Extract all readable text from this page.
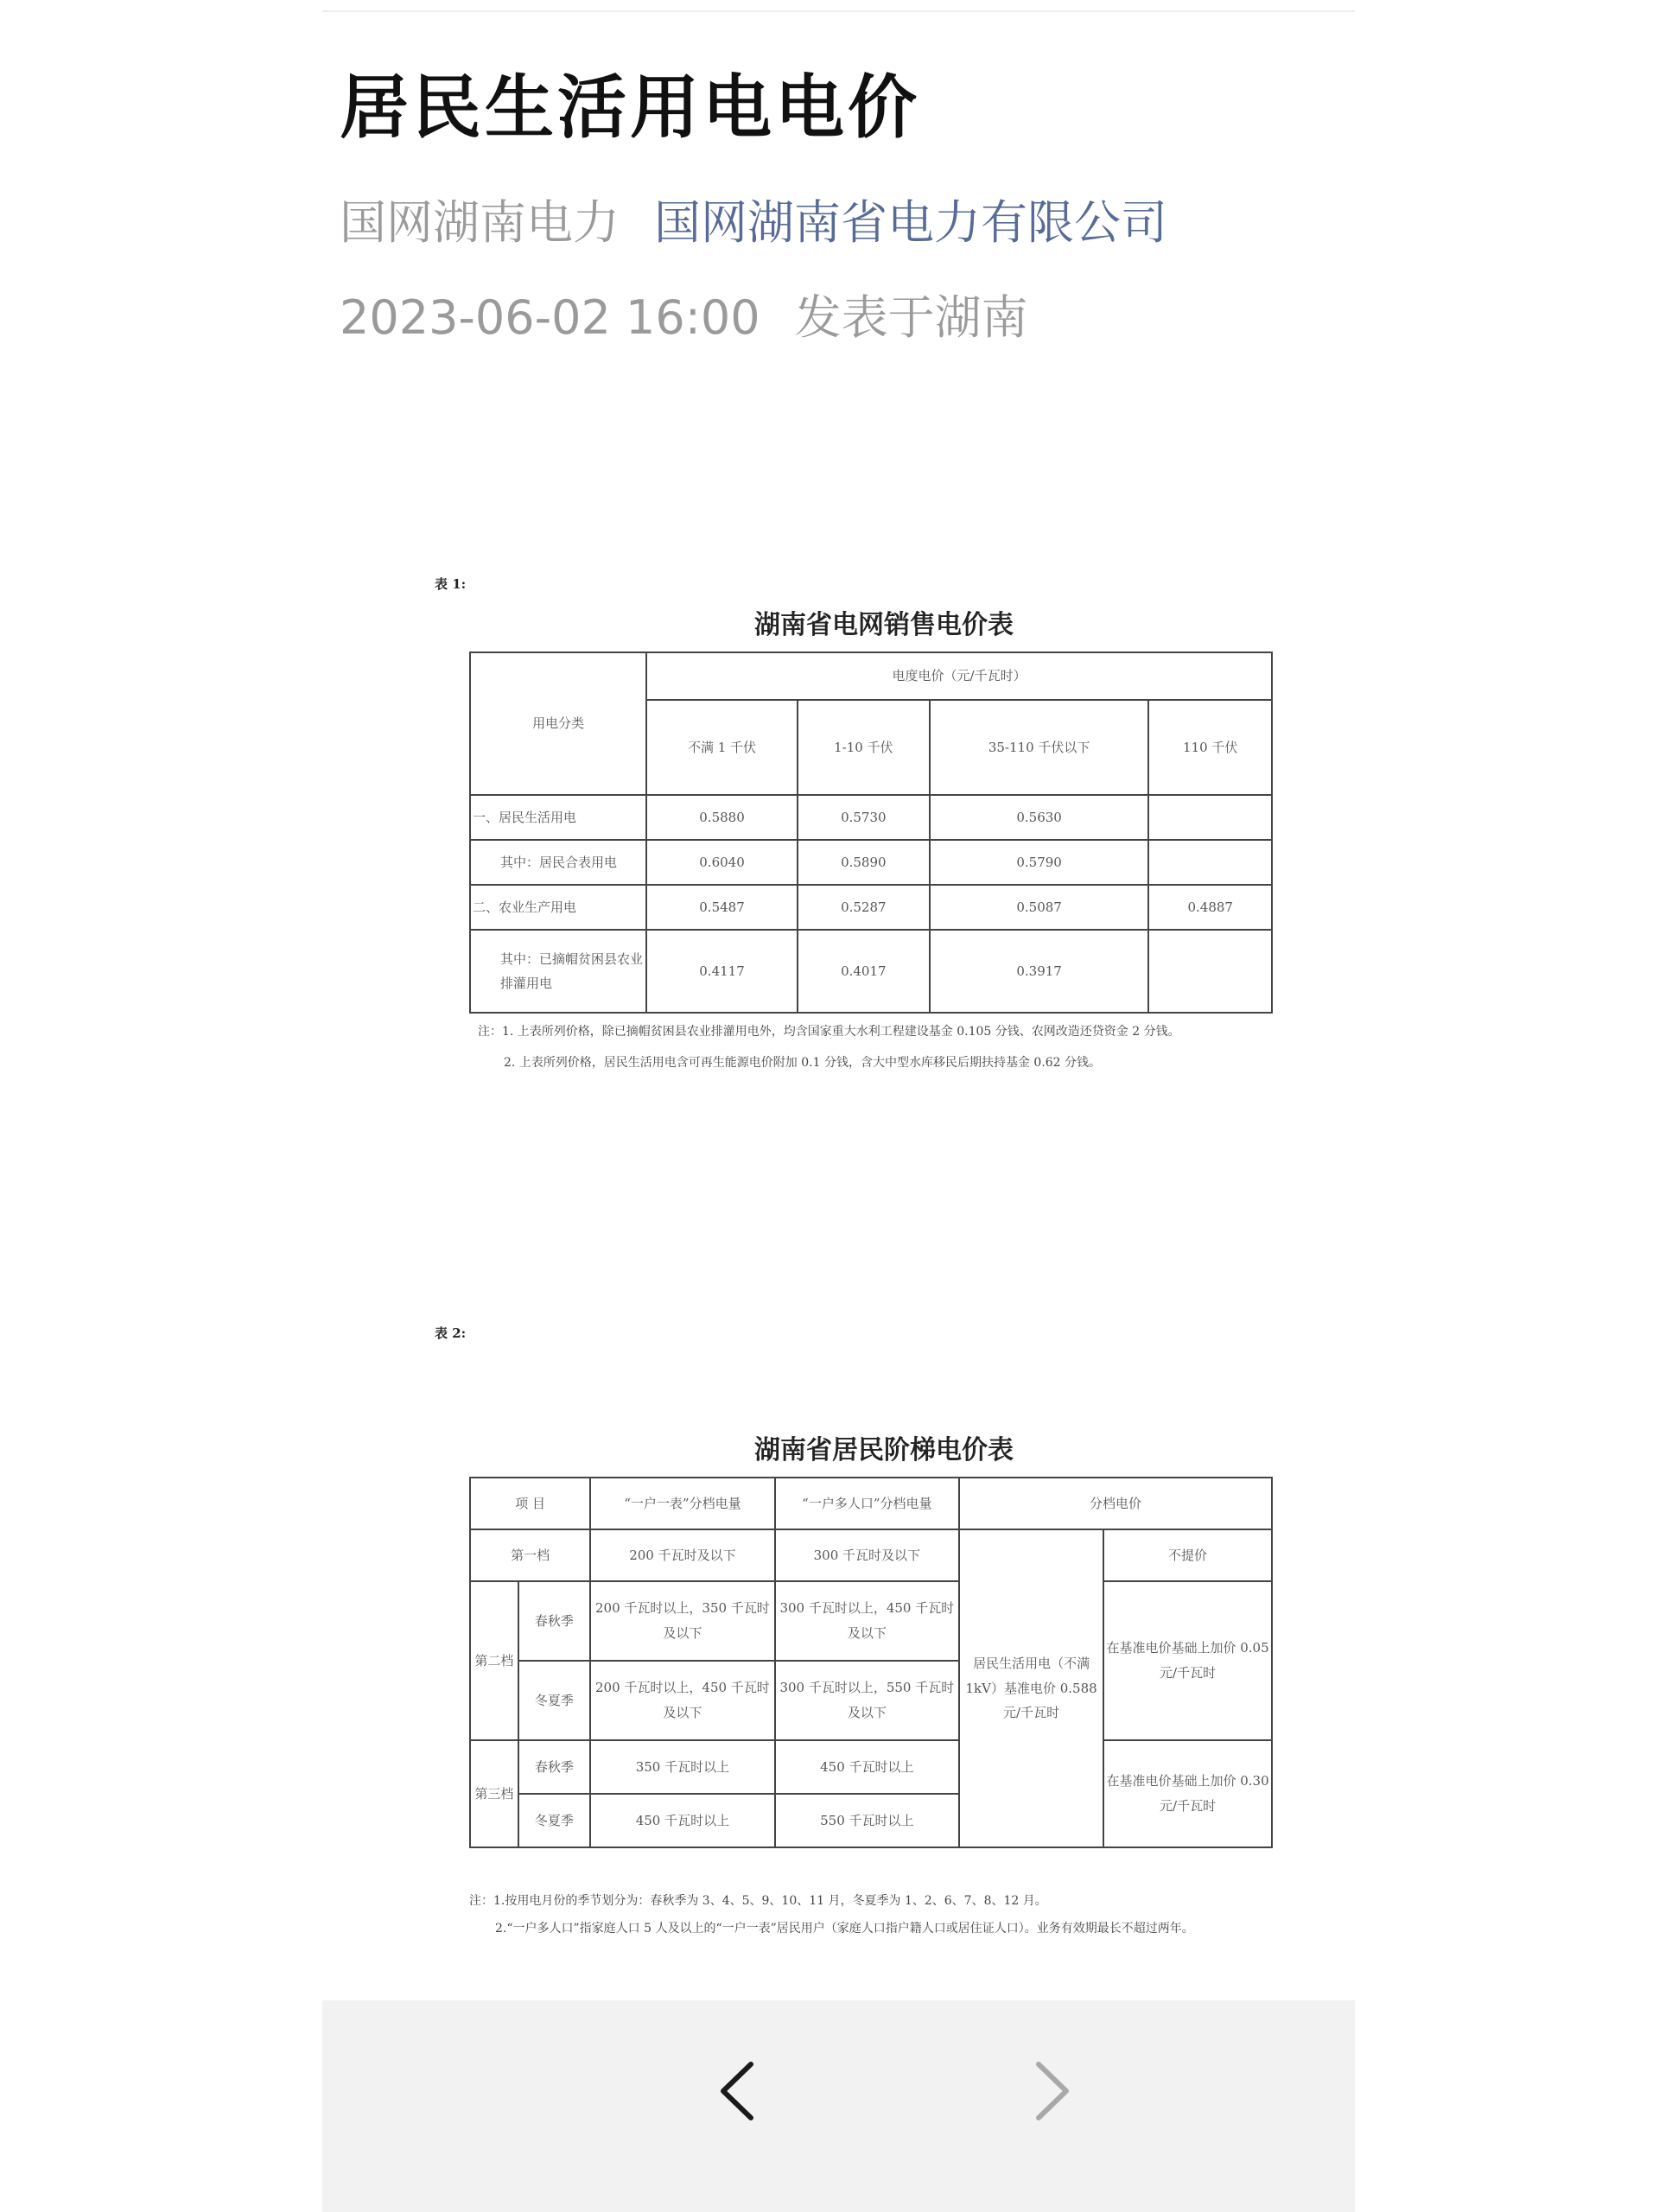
居民生活用电电价
国网湖南电力 国网湖南省电力有限公司
2023-06-02 16:00 发表于湖南
表 1:
湖南省电网销售电价表
用电分类	电度电价（元/千瓦时）			
	不满 1 千伏	1-10 千伏	35-110 千伏以下	110 千伏
一、居民生活用电	0.5880	0.5730	0.5630	
其中：居民合表用电	0.6040	0.5890	0.5790	
二、农业生产用电	0.5487	0.5287	0.5087	0.4887
其中：已摘帽贫困县农业排灌用电	0.4117	0.4017	0.3917	
注：1. 上表所列价格，除已摘帽贫困县农业排灌用电外，均含国家重大水利工程建设基金 0.105 分钱、农网改造还贷资金 2 分钱。
2. 上表所列价格，居民生活用电含可再生能源电价附加 0.1 分钱，含大中型水库移民后期扶持基金 0.62 分钱。
表 2:
湖南省居民阶梯电价表
项 目		“一户一表”分档电量	“一户多人口”分档电量	分档电价	
第一档		200 千瓦时及以下	300 千瓦时及以下	居民生活用电（不满 1kV）基准电价 0.588 元/千瓦时	不提价
第二档	春秋季	200 千瓦时以上，350 千瓦时及以下	300 千瓦时以上，450 千瓦时及以下		在基准电价基础上加价 0.05 元/千瓦时
	冬夏季	200 千瓦时以上，450 千瓦时及以下	300 千瓦时以上，550 千瓦时及以下		
第三档	春秋季	350 千瓦时以上	450 千瓦时以上		在基准电价基础上加价 0.30 元/千瓦时
	冬夏季	450 千瓦时以上	550 千瓦时以上		
注：1.按用电月份的季节划分为：春秋季为 3、4、5、9、10、11 月，冬夏季为 1、2、6、7、8、12 月。
2.“一户多人口”指家庭人口 5 人及以上的“一户一表”居民用户（家庭人口指户籍人口或居住证人口）。业务有效期最长不超过两年。
